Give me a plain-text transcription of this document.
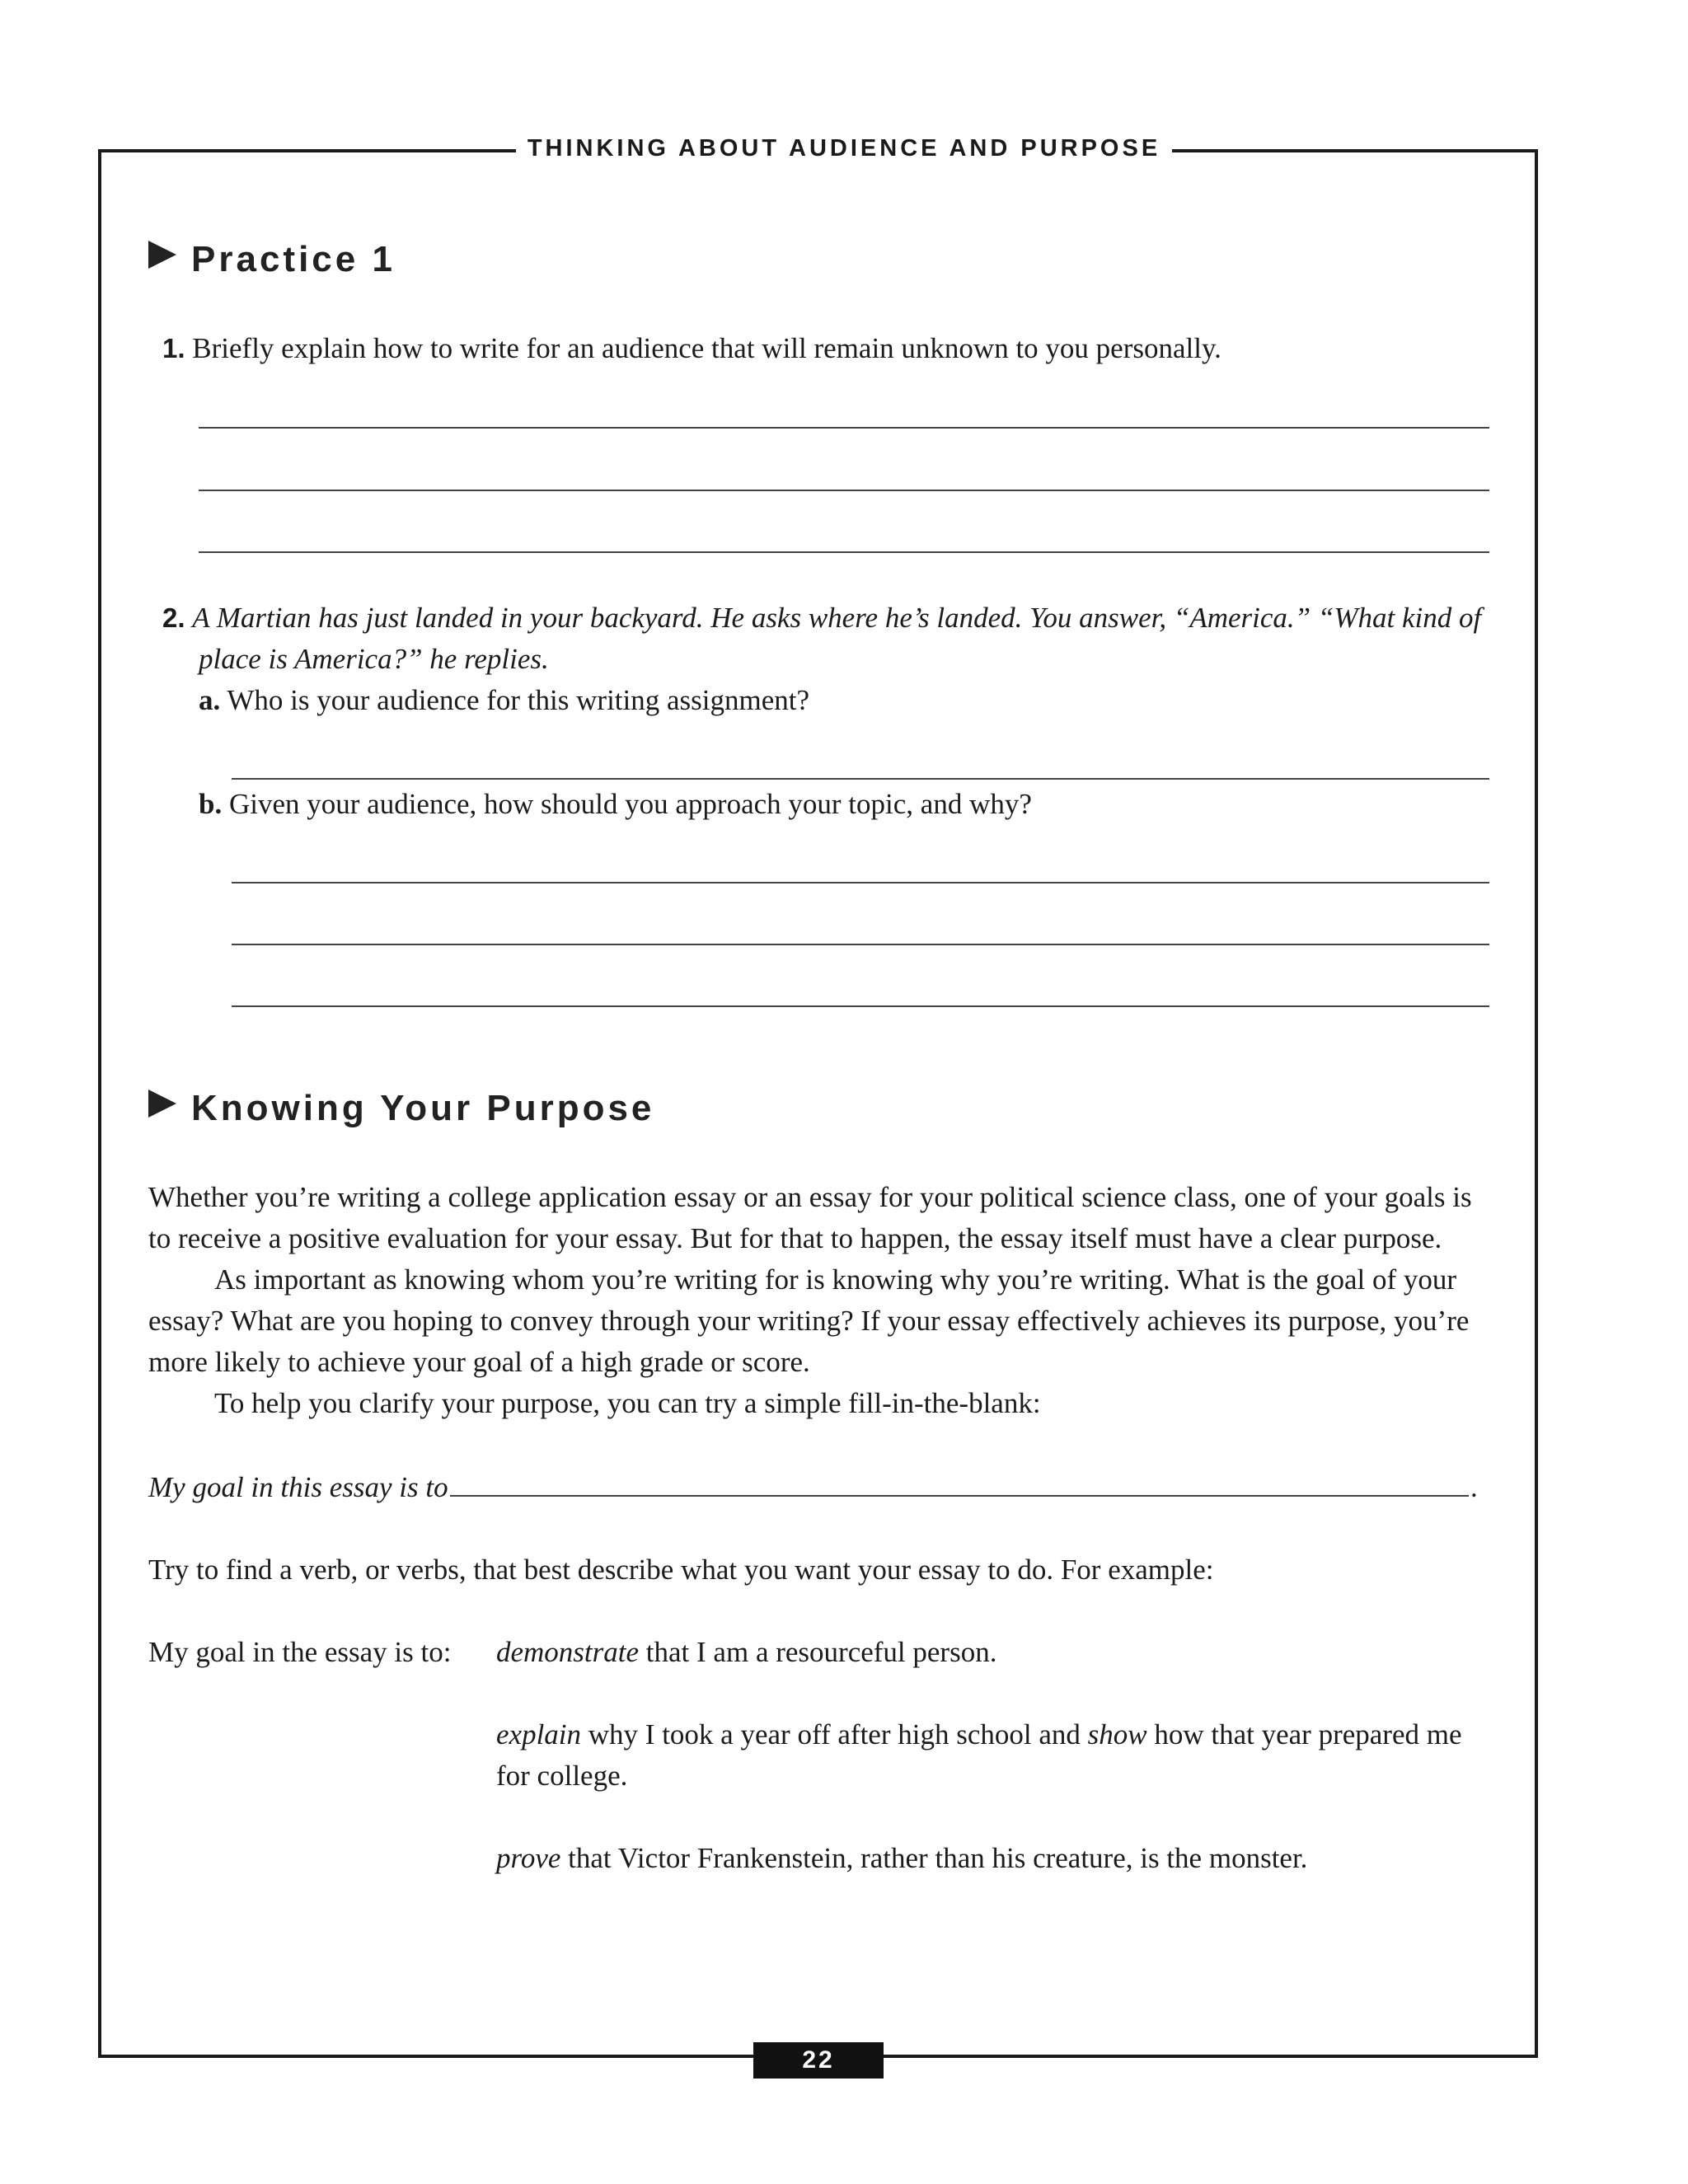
THINKING ABOUT AUDIENCE AND PURPOSE
Practice 1
1. Briefly explain how to write for an audience that will remain unknown to you personally.
2. A Martian has just landed in your backyard. He asks where he’s landed. You answer, “America.” “What kind of
place is America?” he replies.
a. Who is your audience for this writing assignment?
b. Given your audience, how should you approach your topic, and why?
Knowing Your Purpose
Whether you’re writing a college application essay or an essay for your political science class, one of your goals is
to receive a positive evaluation for your essay. But for that to happen, the essay itself must have a clear purpose.
As important as knowing whom you’re writing for is knowing why you’re writing. What is the goal of your
essay? What are you hoping to convey through your writing? If your essay effectively achieves its purpose, you’re
more likely to achieve your goal of a high grade or score.
To help you clarify your purpose, you can try a simple fill-in-the-blank:
My goal in this essay is to	.
Try to find a verb, or verbs, that best describe what you want your essay to do. For example:
My goal in the essay is to: demonstrate that I am a resourceful person.
explain why I took a year off after high school and show how that year prepared me
for college.
prove that Victor Frankenstein, rather than his creature, is the monster.
22
